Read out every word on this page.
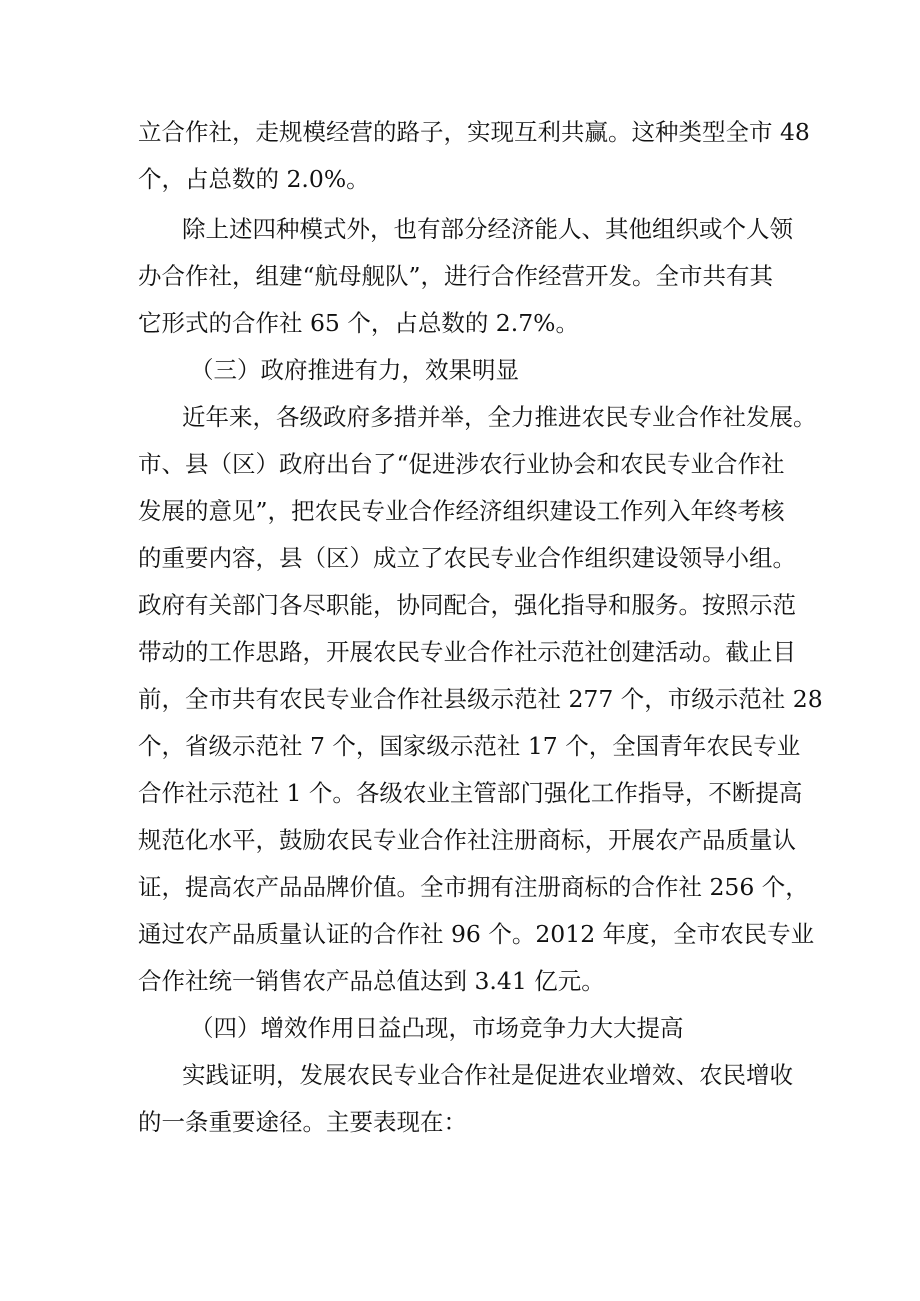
立合作社，走规模经营的路子，实现互利共赢。这种类型全市 48
个，占总数的 2.0%。
除上述四种模式外，也有部分经济能人、其他组织或个人领
办合作社，组建“航母舰队”，进行合作经营开发。全市共有其
它形式的合作社 65 个，占总数的 2.7%。
（三）政府推进有力，效果明显
近年来，各级政府多措并举，全力推进农民专业合作社发展。
市、县（区）政府出台了“促进涉农行业协会和农民专业合作社
发展的意见”，把农民专业合作经济组织建设工作列入年终考核
的重要内容，县（区）成立了农民专业合作组织建设领导小组。
政府有关部门各尽职能，协同配合，强化指导和服务。按照示范
带动的工作思路，开展农民专业合作社示范社创建活动。截止目
前，全市共有农民专业合作社县级示范社 277 个，市级示范社 28
个，省级示范社 7 个，国家级示范社 17 个，全国青年农民专业
合作社示范社 1 个。各级农业主管部门强化工作指导，不断提高
规范化水平，鼓励农民专业合作社注册商标，开展农产品质量认
证，提高农产品品牌价值。全市拥有注册商标的合作社 256 个，
通过农产品质量认证的合作社 96 个。2012 年度，全市农民专业
合作社统一销售农产品总值达到 3.41 亿元。
（四）增效作用日益凸现，市场竞争力大大提高
实践证明，发展农民专业合作社是促进农业增效、农民增收
的一条重要途径。主要表现在：
